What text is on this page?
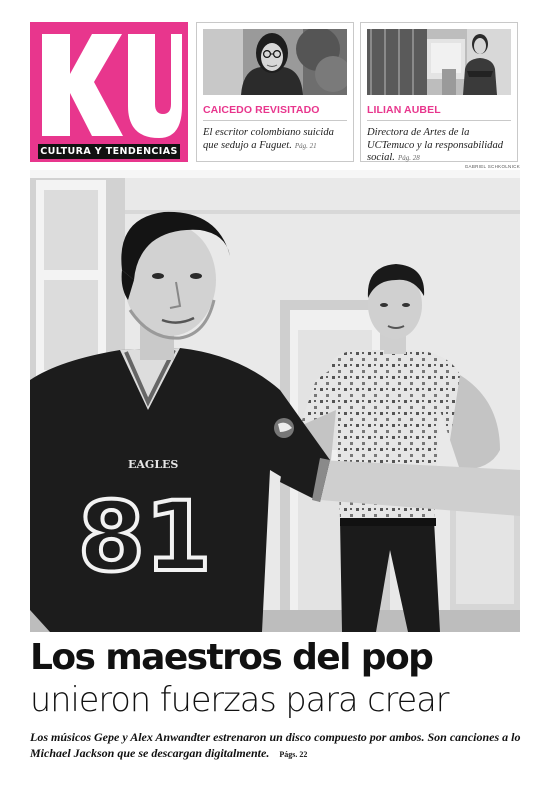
CULTURA Y TENDENCIAS
CAICEDO REVISITADO
El escritor colombiano suicida que sedujo a Fuguet. Pág. 21
LILIAN AUBEL
Directora de Artes de la UCTemuco y la responsabilidad social. Pág. 28
GABRIEL SCHKOLNICK
81
EAGLES
Los maestros del pop
unieron fuerzas para crear
Los músicos Gepe y Alex Anwandter estrenaron un disco compuesto por ambos. Son canciones a lo Michael Jackson que se descargan digitalmente. Págs. 22
